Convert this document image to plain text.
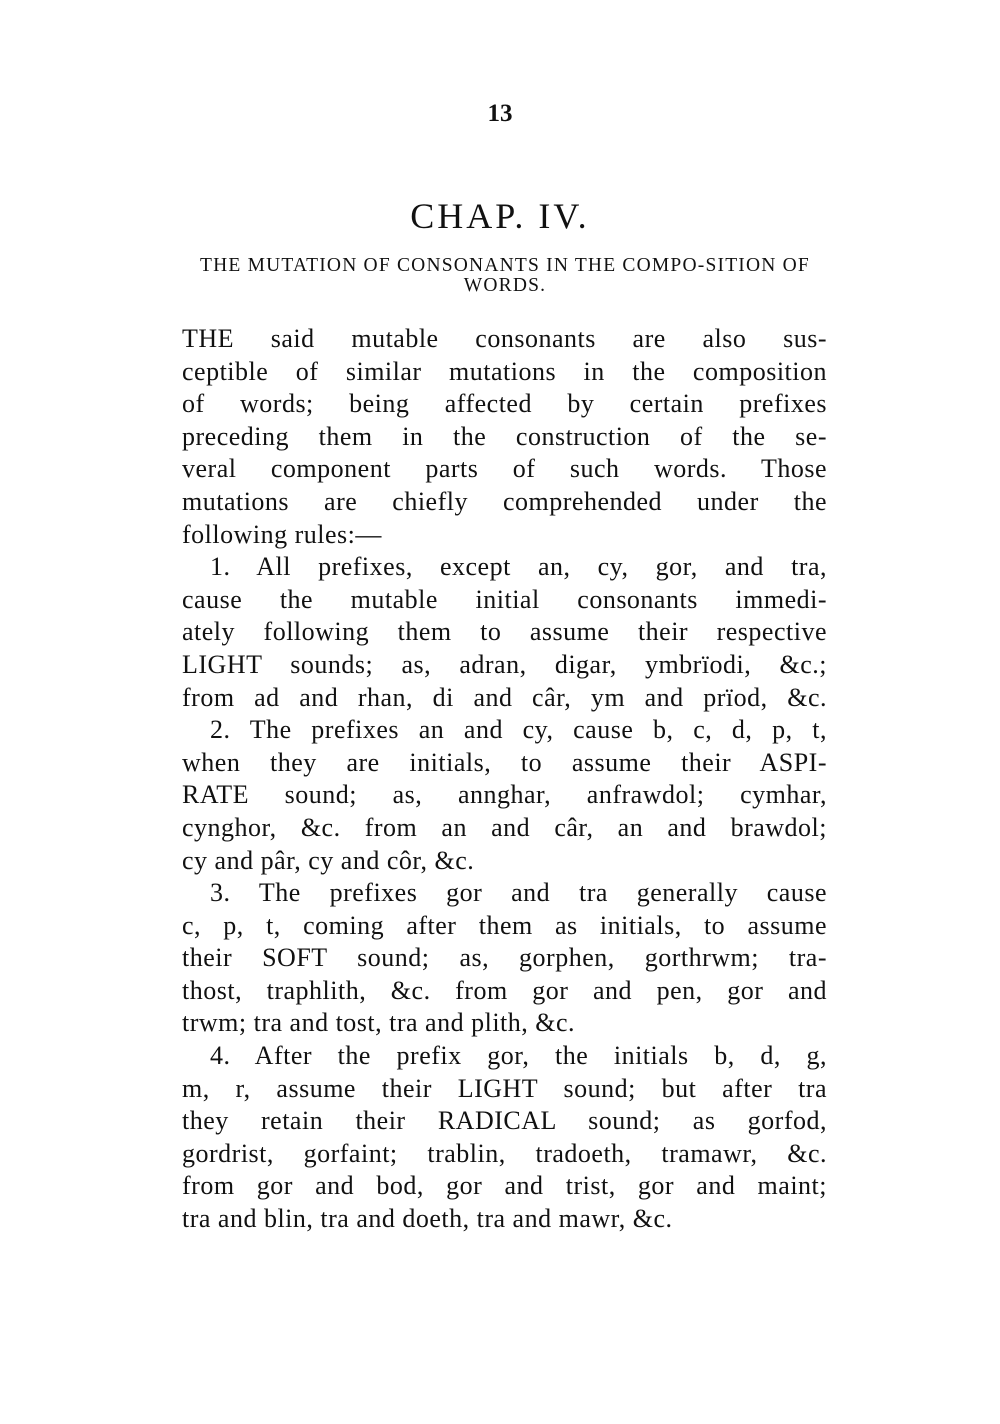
13
CHAP. IV.
THE MUTATION OF CONSONANTS IN THE COMPO-SITION OF WORDS.
THE said mutable consonants are also sus-
ceptible of similar mutations in the composition
of words; being affected by certain prefixes
preceding them in the construction of the se-
veral component parts of such words. Those
mutations are chiefly comprehended under the
following rules:—
1. All prefixes, except an, cy, gor, and tra,
cause the mutable initial consonants immedi-
ately following them to assume their respective
LIGHT sounds; as, adran, digar, ymbrïodi, &c.;
from ad and rhan, di and câr, ym and prïod, &c.
2. The prefixes an and cy, cause b, c, d, p, t,
when they are initials, to assume their ASPI-
RATE sound; as, annghar, anfrawdol; cymhar,
cynghor, &c. from an and câr, an and brawdol;
cy and pâr, cy and côr, &c.
3. The prefixes gor and tra generally cause
c, p, t, coming after them as initials, to assume
their SOFT sound; as, gorphen, gorthrwm; tra-
thost, traphlith, &c. from gor and pen, gor and
trwm; tra and tost, tra and plith, &c.
4. After the prefix gor, the initials b, d, g,
m, r, assume their LIGHT sound; but after tra
they retain their RADICAL sound; as gorfod,
gordrist, gorfaint; trablin, tradoeth, tramawr, &c.
from gor and bod, gor and trist, gor and maint;
tra and blin, tra and doeth, tra and mawr, &c.
